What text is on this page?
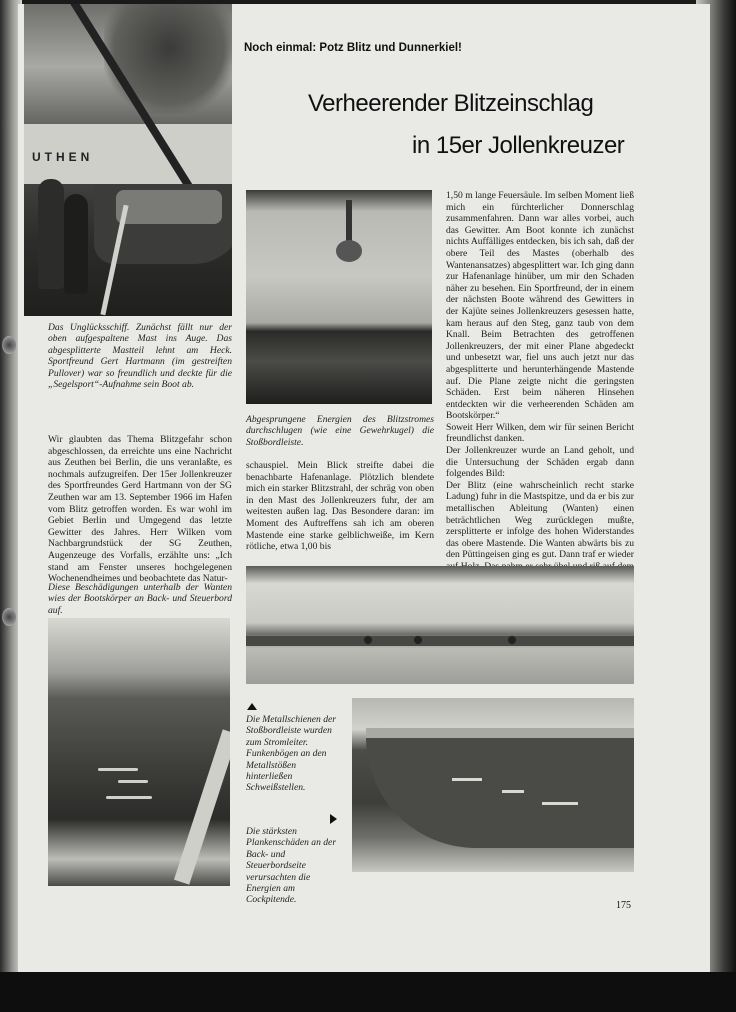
UTHEN

Noch einmal: Potz Blitz und Dunnerkiel!

Verheerender Blitzeinschlag
in 15er Jollenkreuzer

Das Unglücksschiff. Zunächst fällt nur der oben aufgespaltene Mast ins Auge. Das abgesplitterte Mastteil lehnt am Heck. Sportfreund Gert Hartmann (im gestreiften Pullover) war so freundlich und deckte für die „Segelsport“-Aufnahme sein Boot ab.

Abgesprungene Energien des Blitzstromes durchschlugen (wie eine Gewehrkugel) die Stoßbordleiste.

Wir glaubten das Thema Blitzgefahr schon abgeschlossen, da erreichte uns eine Nachricht aus Zeuthen bei Berlin, die uns veranlaßte, es nochmals aufzugreifen. Der 15er Jollenkreuzer des Sportfreundes Gerd Hartmann von der SG Zeuthen war am 13. September 1966 im Hafen vom Blitz getroffen worden. Es war wohl im Gebiet Berlin und Umgegend das letzte Gewitter des Jahres. Herr Wilken vom Nachbargrundstück der SG Zeuthen, Augenzeuge des Vorfalls, erzählte uns: „Ich stand am Fenster unseres hochgelegenen Wochenendheimes und beobachtete das Natur-

schauspiel. Mein Blick streifte dabei die benachbarte Hafenanlage. Plötzlich blendete mich ein starker Blitzstrahl, der schräg von oben in den Mast des Jollenkreuzers fuhr, der am weitesten außen lag. Das Besondere daran: im Moment des Auftreffens sah ich am oberen Mastende eine starke gelblichweiße, im Kern rötliche, etwa 1,00 bis

1,50 m lange Feuersäule. Im selben Moment ließ mich ein fürchterlicher Donnerschlag zusammenfahren. Dann war alles vorbei, auch das Gewitter. Am Boot konnte ich zunächst nichts Auffälliges entdecken, bis ich sah, daß der obere Teil des Mastes (oberhalb des Wantenansatzes) abgesplittert war. Ich ging dann zur Hafenanlage hinüber, um mir den Schaden näher zu besehen. Ein Sportfreund, der in einem der nächsten Boote während des Gewitters in der Kajüte seines Jollenkreuzers gesessen hatte, kam heraus auf den Steg, ganz taub von dem Knall. Beim Betrachten des getroffenen Jollenkreuzers, der mit einer Plane abgedeckt und unbesetzt war, fiel uns auch jetzt nur das abgesplitterte und herunterhängende Mastende auf. Die Plane zeigte nicht die geringsten Schäden. Erst beim näheren Hinsehen entdeckten wir die verheerenden Schäden am Bootskörper.“

Soweit Herr Wilken, dem wir für seinen Bericht freundlichst danken.

Der Jollenkreuzer wurde an Land geholt, und die Untersuchung der Schäden ergab dann folgendes Bild:

Der Blitz (eine wahrscheinlich recht starke Ladung) fuhr in die Mastspitze, und da er bis zur metallischen Ableitung (Wanten) einen beträchtlichen Weg zurücklegen mußte, zersplitterte er infolge des hohen Widerstandes das obere Mastende. Die Wanten abwärts bis zu den Püttingeisen ging es gut. Dann traf er wieder

Diese Beschädigungen unterhalb der Wanten wies der Bootskörper an Back- und Steuerbord auf.

Die Metallschienen der Stoßbordleiste wurden zum Stromleiter. Funkenbögen an den Metallstößen hinterließen Schweißstellen.

Die stärksten Plankenschäden an der Back- und Steuerbordseite verursachten die Energien am Cockpitende.

175
